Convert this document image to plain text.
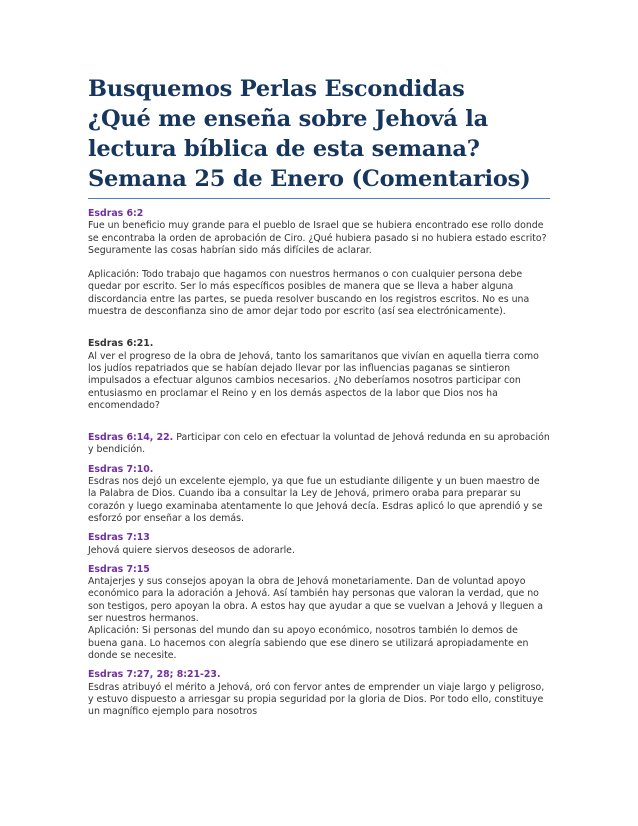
Busquemos Perlas Escondidas
¿Qué me enseña sobre Jehová la
lectura bíblica de esta semana?
Semana 25 de Enero (Comentarios)

Esdras 6:2

Fue un beneficio muy grande para el pueblo de Israel que se hubiera encontrado ese rollo donde se encontraba la orden de aprobación de Ciro. ¿Qué hubiera pasado si no hubiera estado escrito? Seguramente las cosas habrían sido más difíciles de aclarar.

Aplicación: Todo trabajo que hagamos con nuestros hermanos o con cualquier persona debe quedar por escrito. Ser lo más específicos posibles de manera que se lleva a haber alguna discordancia entre las partes, se pueda resolver buscando en los registros escritos. No es una muestra de desconfianza sino de amor dejar todo por escrito (así sea electrónicamente).

Esdras 6:21.

Al ver el progreso de la obra de Jehová, tanto los samaritanos que vivían en aquella tierra como los judíos repatriados que se habían dejado llevar por las influencias paganas se sintieron impulsados a efectuar algunos cambios necesarios. ¿No deberíamos nosotros participar con entusiasmo en proclamar el Reino y en los demás aspectos de la labor que Dios nos ha encomendado?

Esdras 6:14, 22. Participar con celo en efectuar la voluntad de Jehová redunda en su aprobación y bendición.

Esdras 7:10.

Esdras nos dejó un excelente ejemplo, ya que fue un estudiante diligente y un buen maestro de la Palabra de Dios. Cuando iba a consultar la Ley de Jehová, primero oraba para preparar su corazón y luego examinaba atentamente lo que Jehová decía. Esdras aplicó lo que aprendió y se esforzó por enseñar a los demás.

Esdras 7:13

Jehová quiere siervos deseosos de adorarle.

Esdras 7:15

Antajerjes y sus consejos apoyan la obra de Jehová monetariamente. Dan de voluntad apoyo económico para la adoración a Jehová. Así también hay personas que valoran la verdad, que no son testigos, pero apoyan la obra. A estos hay que ayudar a que se vuelvan a Jehová y lleguen a ser nuestros hermanos.

Aplicación: Si personas del mundo dan su apoyo económico, nosotros también lo demos de buena gana. Lo hacemos con alegría sabiendo que ese dinero se utilizará apropiadamente en donde se necesite.

Esdras 7:27, 28; 8:21-23.

Esdras atribuyó el mérito a Jehová, oró con fervor antes de emprender un viaje largo y peligroso, y estuvo dispuesto a arriesgar su propia seguridad por la gloria de Dios. Por todo ello, constituye un magnífico ejemplo para nosotros
